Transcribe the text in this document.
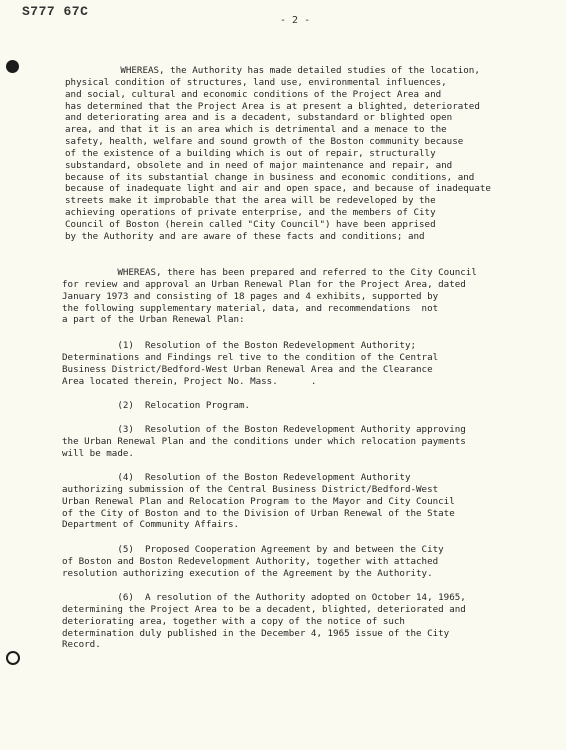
S777 67C
- 2 -

WHEREAS, the Authority has made detailed studies of the location,
physical condition of structures, land use, environmental influences,
and social, cultural and economic conditions of the Project Area and
has determined that the Project Area is at present a blighted, deteriorated
and deteriorating area and is a decadent, substandard or blighted open
area, and that it is an area which is detrimental and a menace to the
safety, health, welfare and sound growth of the Boston community because
of the existence of a building which is out of repair, structurally
substandard, obsolete and in need of major maintenance and repair, and
because of its substantial change in business and economic conditions, and
because of inadequate light and air and open space, and because of inadequate
streets make it improbable that the area will be redeveloped by the
achieving operations of private enterprise, and the members of City
Council of Boston (herein called "City Council") have been apprised
by the Authority and are aware of these facts and conditions; and

WHEREAS, there has been prepared and referred to the City Council
for review and approval an Urban Renewal Plan for the Project Area, dated
January 1973 and consisting of 18 pages and 4 exhibits, supported by
the following supplementary material, data, and recommendations  not
a part of the Urban Renewal Plan:

(1)  Resolution of the Boston Redevelopment Authority;
Determinations and Findings rel tive to the condition of the Central
Business District/Bedford-West Urban Renewal Area and the Clearance
Area located therein, Project No. Mass.      .

(2)  Relocation Program.

(3)  Resolution of the Boston Redevelopment Authority approving
the Urban Renewal Plan and the conditions under which relocation payments
will be made.

(4)  Resolution of the Boston Redevelopment Authority
authorizing submission of the Central Business District/Bedford-West
Urban Renewal Plan and Relocation Program to the Mayor and City Council
of the City of Boston and to the Division of Urban Renewal of the State
Department of Community Affairs.

(5)  Proposed Cooperation Agreement by and between the City
of Boston and Boston Redevelopment Authority, together with attached
resolution authorizing execution of the Agreement by the Authority.

(6)  A resolution of the Authority adopted on October 14, 1965,
determining the Project Area to be a decadent, blighted, deteriorated and
deteriorating area, together with a copy of the notice of such
determination duly published in the December 4, 1965 issue of the City
Record.
